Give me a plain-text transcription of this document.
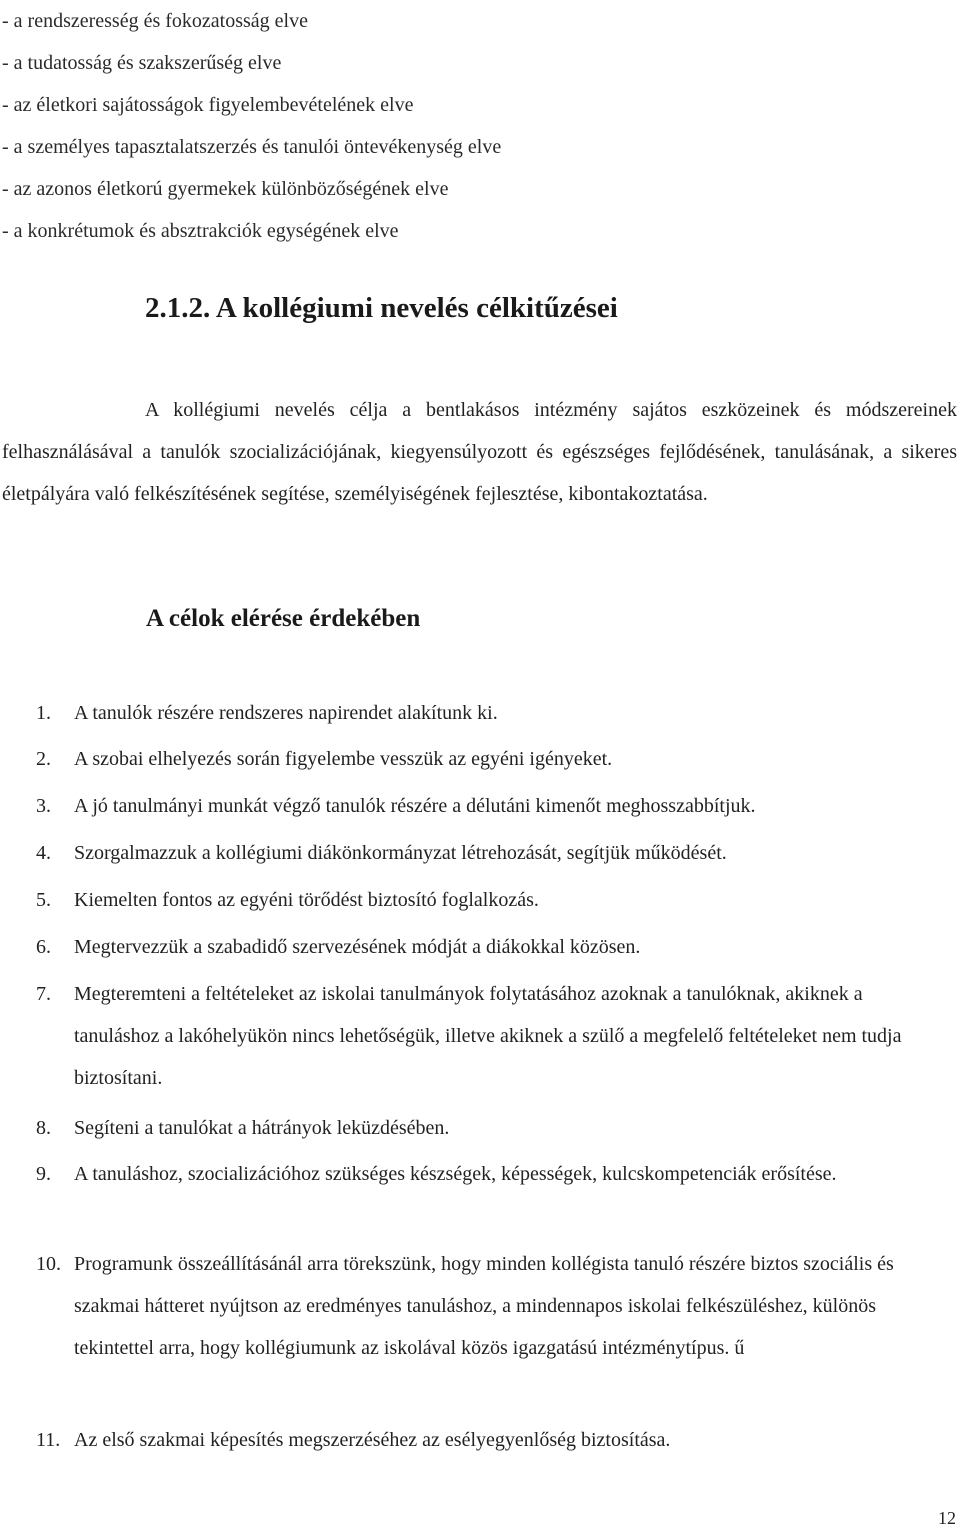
- a rendszeresség és fokozatosság elve
- a tudatosság és szakszerűség elve
- az életkori sajátosságok figyelembevételének elve
- a személyes tapasztalatszerzés és tanulói öntevékenység elve
- az azonos életkorú gyermekek különbözőségének elve
- a konkrétumok és absztrakciók egységének elve
2.1.2. A kollégiumi nevelés célkitűzései

A kollégiumi nevelés célja a bentlakásos intézmény sajátos eszközeinek és módszereinek felhasználásával a tanulók szocializációjának, kiegyensúlyozott és egészséges fejlődésének, tanulásának, a sikeres életpályára való felkészítésének segítése, személyiségének fejlesztése, kibontakoztatása.

A célok elérése érdekében
1. A tanulók részére rendszeres napirendet alakítunk ki.
2. A szobai elhelyezés során figyelembe vesszük az egyéni igényeket.
3. A jó tanulmányi munkát végző tanulók részére a délutáni kimenőt meghosszabbítjuk.
4. Szorgalmazzuk a kollégiumi diákönkormányzat létrehozását, segítjük működését.
5. Kiemelten fontos az egyéni törődést biztosító foglalkozás.
6. Megtervezzük a szabadidő szervezésének módját a diákokkal közösen.
7. Megteremteni a feltételeket az iskolai tanulmányok folytatásához azoknak a tanulóknak, akiknek a tanuláshoz a lakóhelyükön nincs lehetőségük, illetve akiknek a szülő a megfelelő feltételeket nem tudja biztosítani.
8. Segíteni a tanulókat a hátrányok leküzdésében.
9. A tanuláshoz, szocializációhoz szükséges készségek, képességek, kulcskompetenciák erősítése.
10. Programunk összeállításánál arra törekszünk, hogy minden kollégista tanuló részére biztos szociális és szakmai hátteret nyújtson az eredményes tanuláshoz, a mindennapos iskolai felkészüléshez, különös tekintettel arra, hogy kollégiumunk az iskolával közös igazgatású intézménytípus. ű
11. Az első szakmai képesítés megszerzéséhez az esélyegyenlőség biztosítása.
12
